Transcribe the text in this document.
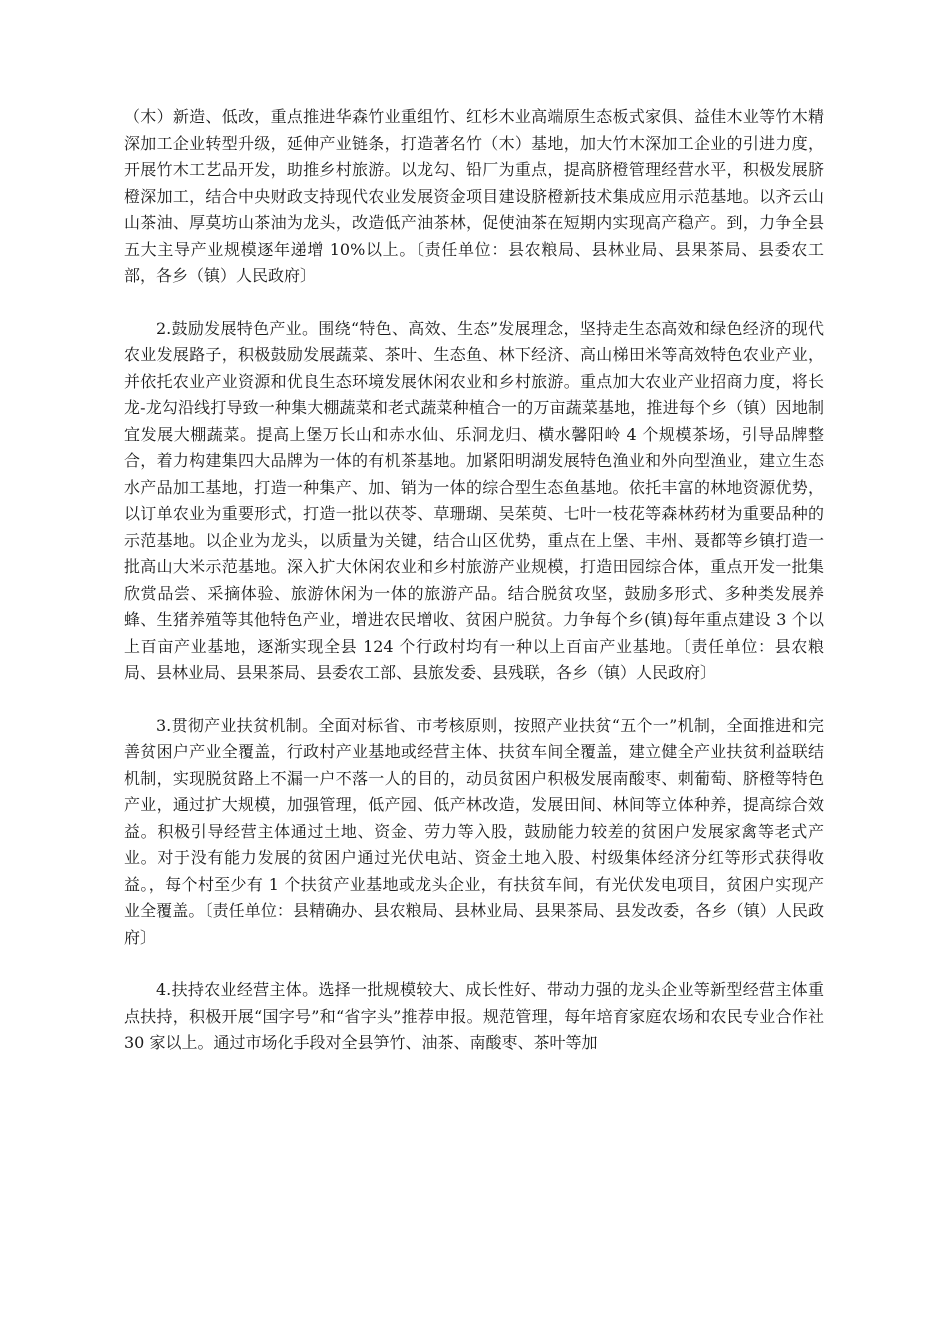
（木）新造、低改，重点推进华森竹业重组竹、红杉木业高端原生态板式家俱、益佳木业等竹木精深加工企业转型升级，延伸产业链条，打造著名竹（木）基地，加大竹木深加工企业的引进力度，开展竹木工艺品开发，助推乡村旅游。以龙勾、铅厂为重点，提高脐橙管理经营水平，积极发展脐橙深加工，结合中央财政支持现代农业发展资金项目建设脐橙新技术集成应用示范基地。以齐云山山茶油、厚莫坊山茶油为龙头，改造低产油茶林，促使油茶在短期内实现高产稳产。到，力争全县五大主导产业规模逐年递增 10%以上。〔责任单位：县农粮局、县林业局、县果茶局、县委农工部，各乡（镇）人民政府〕

2.鼓励发展特色产业。围绕“特色、高效、生态”发展理念，坚持走生态高效和绿色经济的现代农业发展路子，积极鼓励发展蔬菜、茶叶、生态鱼、林下经济、高山梯田米等高效特色农业产业，并依托农业产业资源和优良生态环境发展休闲农业和乡村旅游。重点加大农业产业招商力度，将长龙-龙勾沿线打导致一种集大棚蔬菜和老式蔬菜种植合一的万亩蔬菜基地，推进每个乡（镇）因地制宜发展大棚蔬菜。提高上堡万长山和赤水仙、乐洞龙归、横水馨阳岭 4 个规模茶场，引导品牌整合，着力构建集四大品牌为一体的有机茶基地。加紧阳明湖发展特色渔业和外向型渔业，建立生态水产品加工基地，打造一种集产、加、销为一体的综合型生态鱼基地。依托丰富的林地资源优势，以订单农业为重要形式，打造一批以茯苓、草珊瑚、吴茱萸、七叶一枝花等森林药材为重要品种的示范基地。以企业为龙头，以质量为关键，结合山区优势，重点在上堡、丰州、聂都等乡镇打造一批高山大米示范基地。深入扩大休闲农业和乡村旅游产业规模，打造田园综合体，重点开发一批集欣赏品尝、采摘体验、旅游休闲为一体的旅游产品。结合脱贫攻坚，鼓励多形式、多种类发展养蜂、生猪养殖等其他特色产业，增进农民增收、贫困户脱贫。力争每个乡(镇)每年重点建设 3 个以上百亩产业基地，逐渐实现全县 124 个行政村均有一种以上百亩产业基地。〔责任单位：县农粮局、县林业局、县果茶局、县委农工部、县旅发委、县残联，各乡（镇）人民政府〕

3.贯彻产业扶贫机制。全面对标省、市考核原则，按照产业扶贫“五个一”机制，全面推进和完善贫困户产业全覆盖，行政村产业基地或经营主体、扶贫车间全覆盖，建立健全产业扶贫利益联结机制，实现脱贫路上不漏一户不落一人的目的，动员贫困户积极发展南酸枣、刺葡萄、脐橙等特色产业，通过扩大规模，加强管理，低产园、低产林改造，发展田间、林间等立体种养，提高综合效益。积极引导经营主体通过土地、资金、劳力等入股，鼓励能力较差的贫困户发展家禽等老式产业。对于没有能力发展的贫困户通过光伏电站、资金土地入股、村级集体经济分红等形式获得收益。，每个村至少有 1 个扶贫产业基地或龙头企业，有扶贫车间，有光伏发电项目，贫困户实现产业全覆盖。〔责任单位：县精确办、县农粮局、县林业局、县果茶局、县发改委，各乡（镇）人民政府〕

4.扶持农业经营主体。选择一批规模较大、成长性好、带动力强的龙头企业等新型经营主体重点扶持，积极开展“国字号”和“省字头”推荐申报。规范管理，每年培育家庭农场和农民专业合作社 30 家以上。通过市场化手段对全县笋竹、油茶、南酸枣、茶叶等加
